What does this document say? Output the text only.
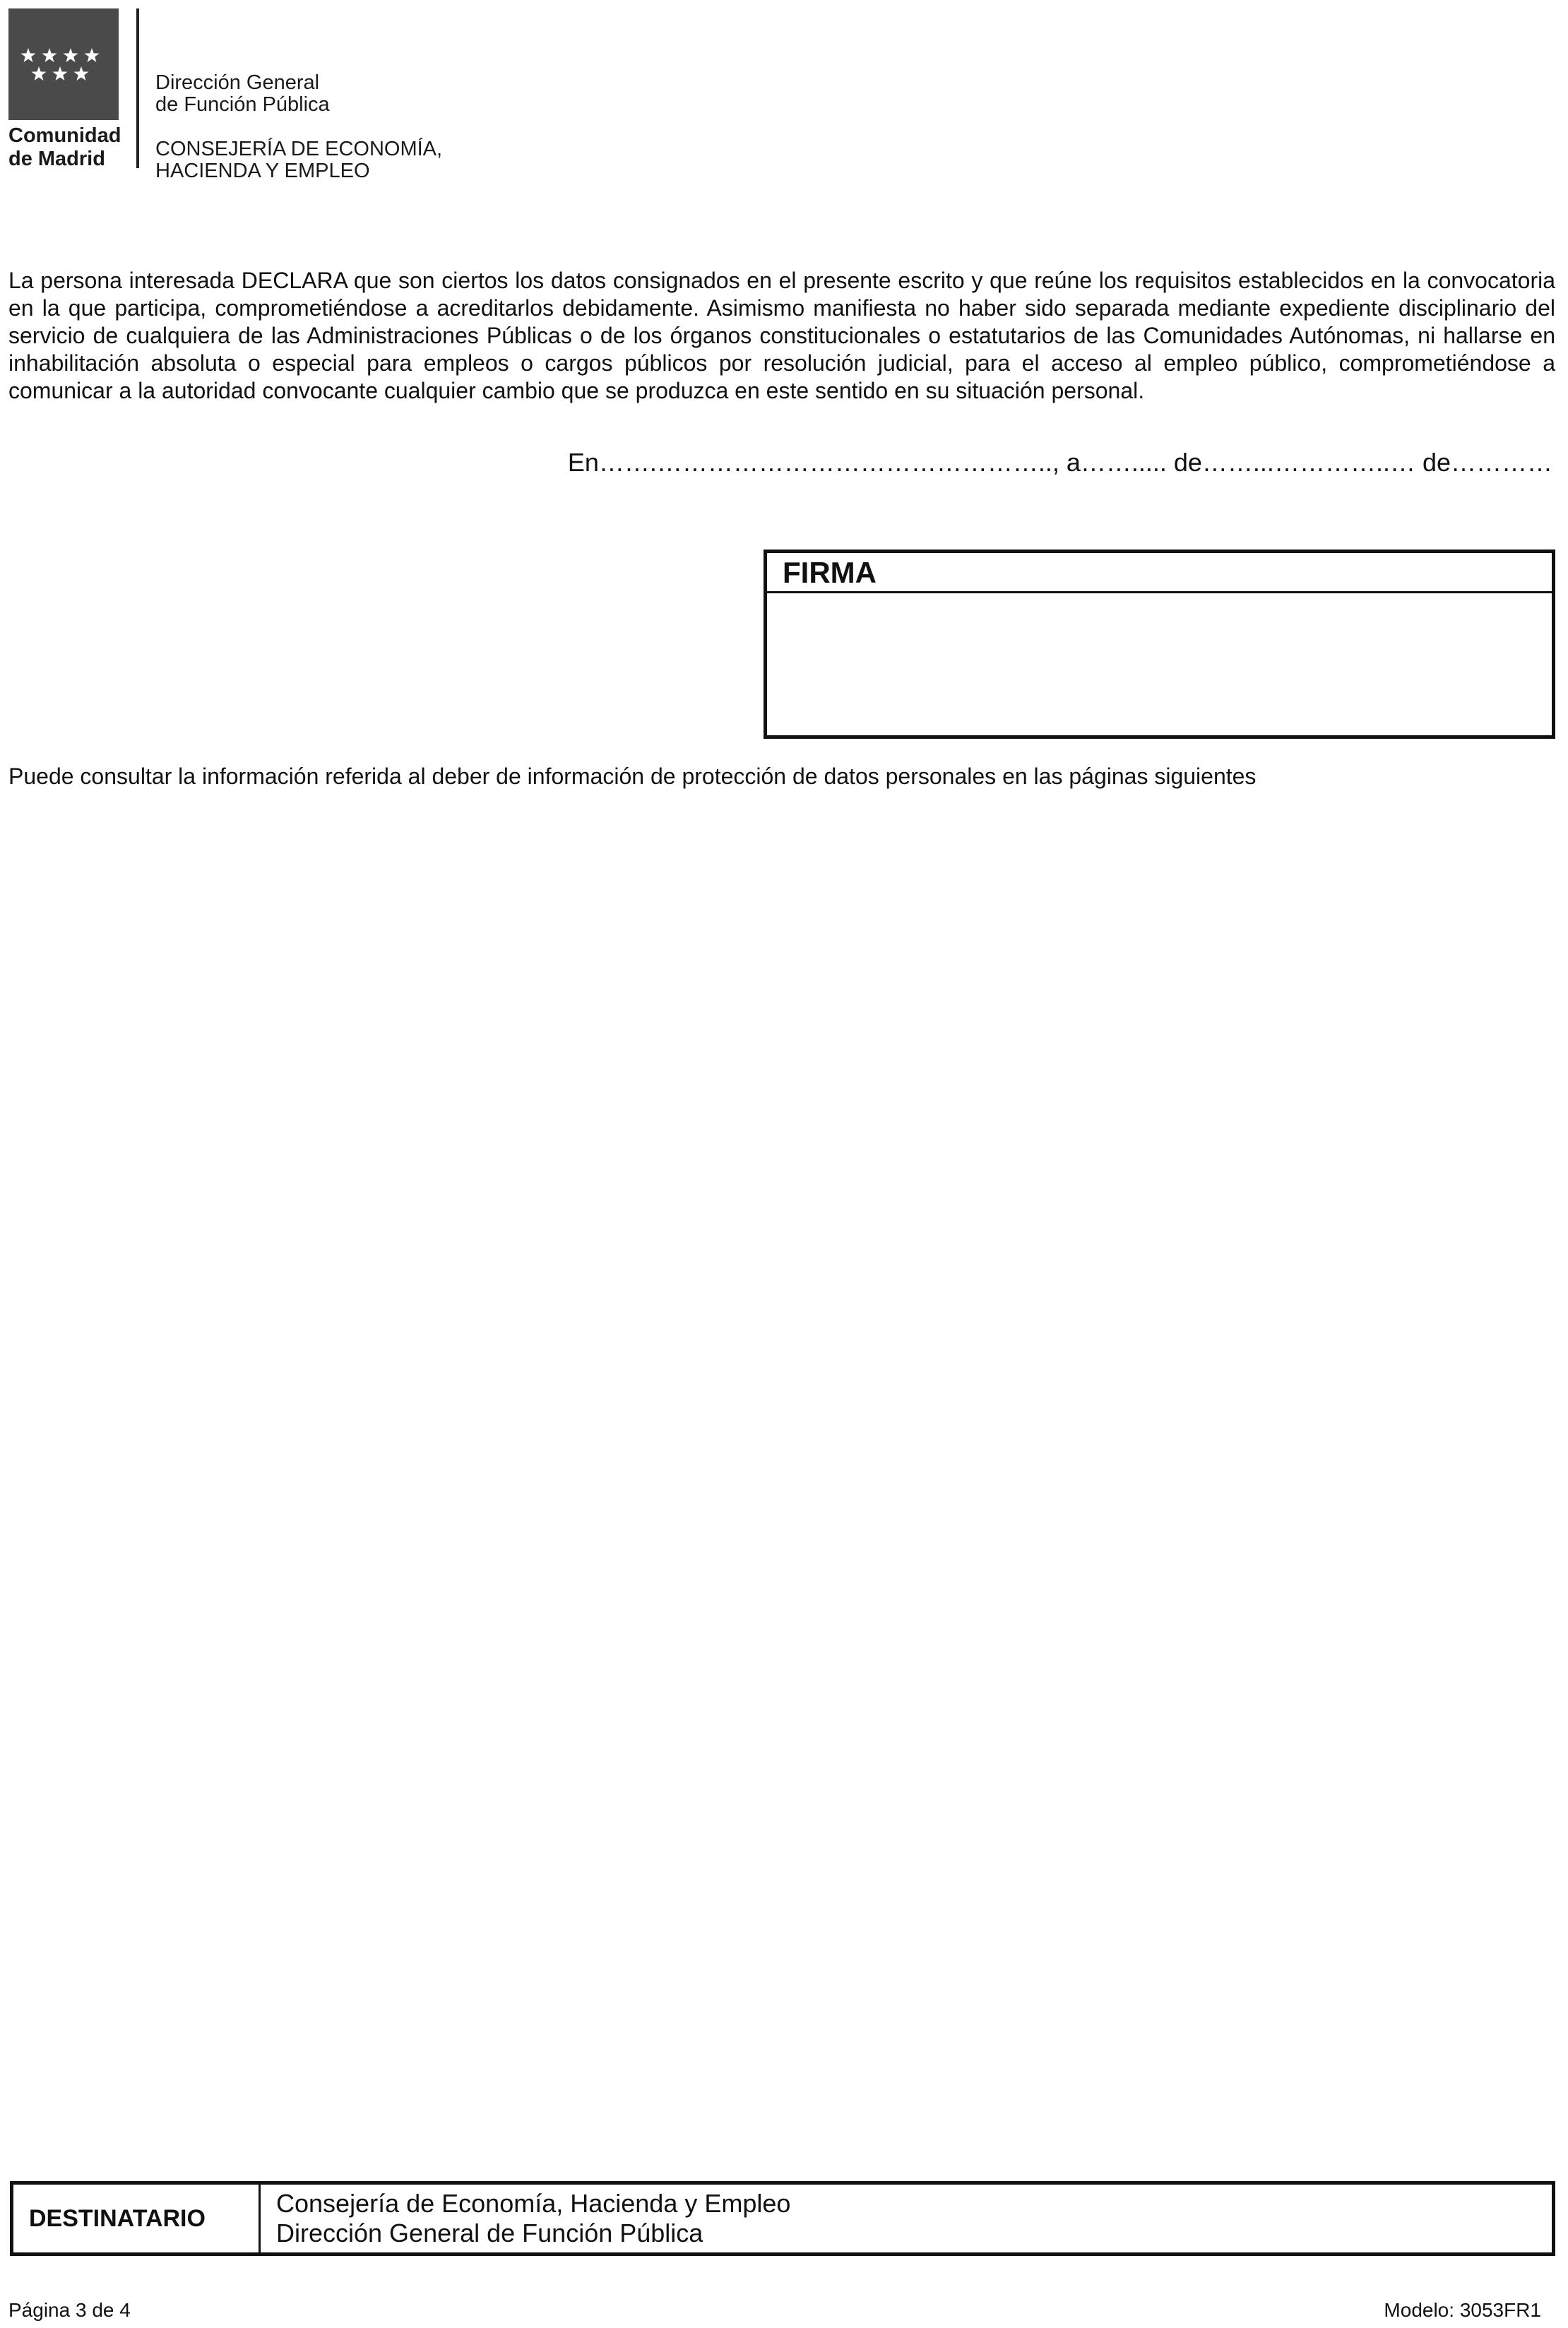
Comunidad
de Madrid
Dirección General
de Función Pública
CONSEJERÍA DE ECONOMÍA,
HACIENDA Y EMPLEO
La persona interesada DECLARA que son ciertos los datos consignados en el presente escrito y que reúne los requisitos establecidos en la convocatoria en la que participa, comprometiéndose a acreditarlos debidamente. Asimismo manifiesta no haber sido separada mediante expediente disciplinario del servicio de cualquiera de las Administraciones Públicas o de los órganos constitucionales o estatutarios de las Comunidades Autónomas, ni hallarse en inhabilitación absoluta o especial para empleos o cargos públicos por resolución judicial, para el acceso al empleo público, comprometiéndose a comunicar a la autoridad convocante cualquier cambio que se produzca en este sentido en su situación personal.
En…….……………………………………….., a……..... de……...…………..… de…………
FIRMA
Puede consultar la información referida al deber de información de protección de datos personales en las páginas siguientes
DESTINATARIO
Consejería de Economía, Hacienda y Empleo
Dirección General de Función Pública
Página 3 de 4	Modelo: 3053FR1
